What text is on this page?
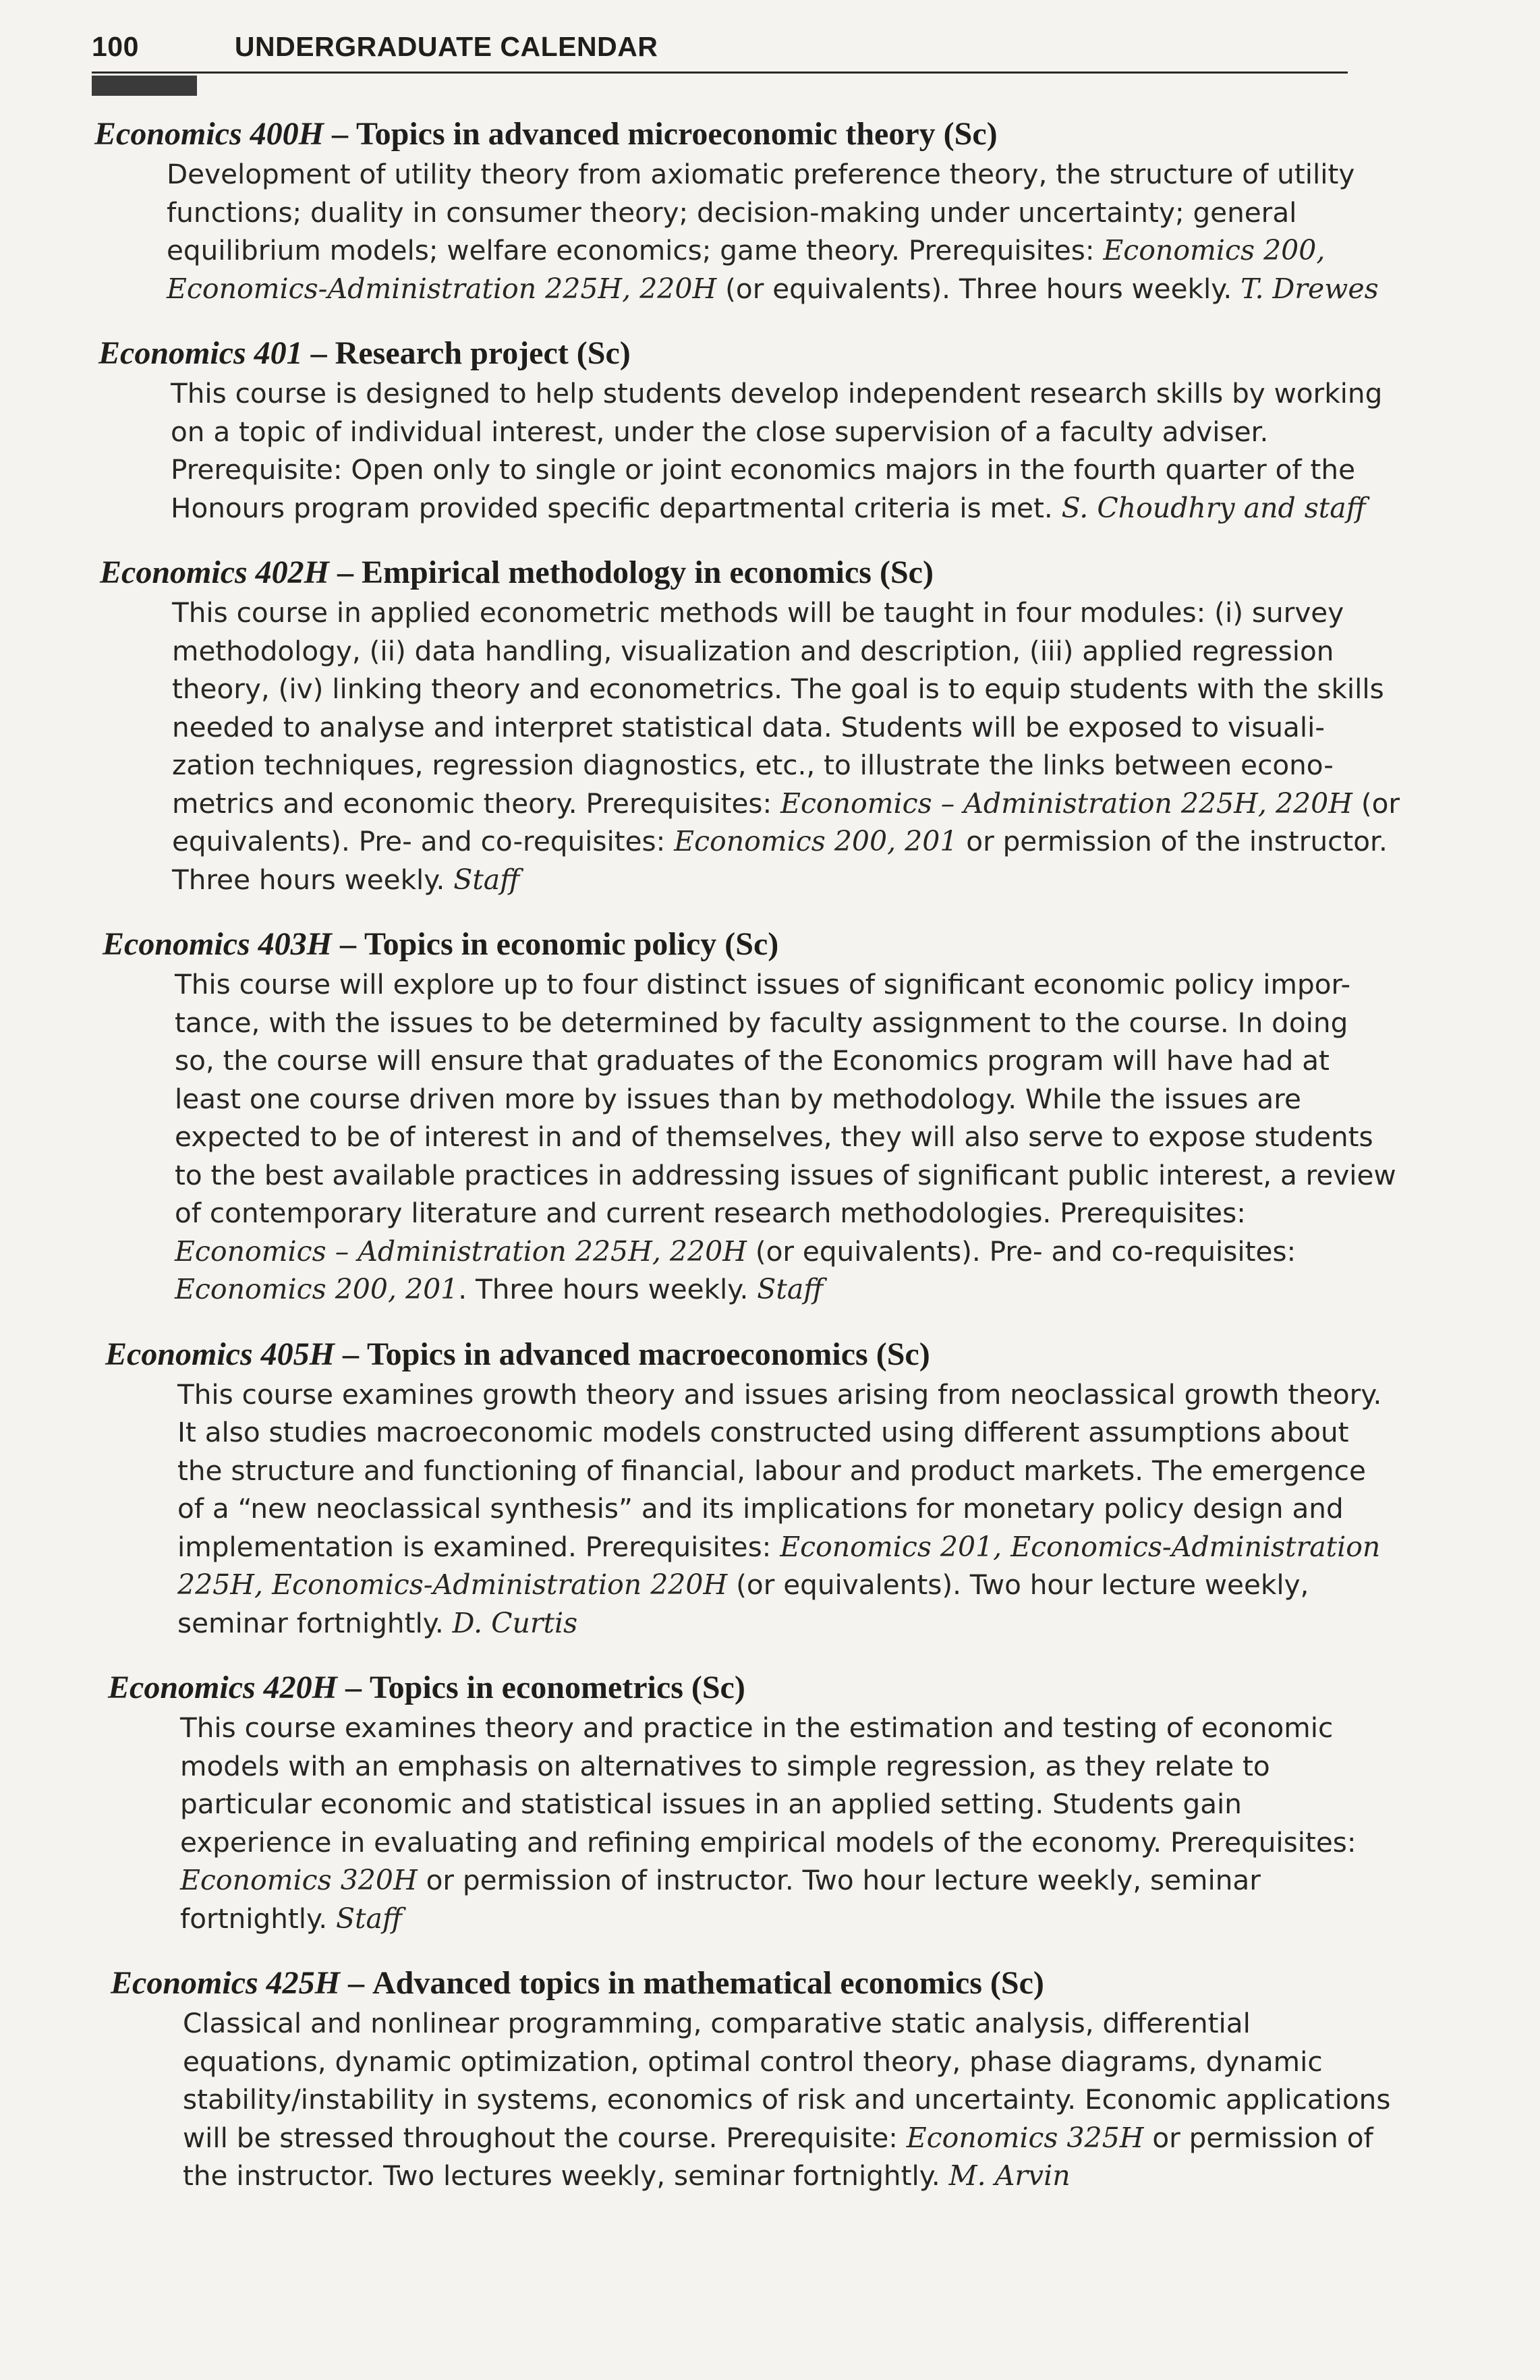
100	UNDERGRADUATE CALENDAR
Economics 400H – Topics in advanced microeconomic theory (Sc)
Development of utility theory from axiomatic preference theory, the structure of utility
functions; duality in consumer theory; decision-making under uncertainty; general
equilibrium models; welfare economics; game theory. Prerequisites: Economics 200,
Economics-Administration 225H, 220H (or equivalents). Three hours weekly. T. Drewes
Economics 401 – Research project (Sc)
This course is designed to help students develop independent research skills by working
on a topic of individual interest, under the close supervision of a faculty adviser.
Prerequisite: Open only to single or joint economics majors in the fourth quarter of the
Honours program provided specific departmental criteria is met. S. Choudhry and staff
Economics 402H – Empirical methodology in economics (Sc)
This course in applied econometric methods will be taught in four modules: (i) survey
methodology, (ii) data handling, visualization and description, (iii) applied regression
theory, (iv) linking theory and econometrics. The goal is to equip students with the skills
needed to analyse and interpret statistical data. Students will be exposed to visuali-
zation techniques, regression diagnostics, etc., to illustrate the links between econo-
metrics and economic theory. Prerequisites: Economics – Administration 225H, 220H (or
equivalents). Pre- and co-requisites: Economics 200, 201 or permission of the instructor.
Three hours weekly. Staff
Economics 403H – Topics in economic policy (Sc)
This course will explore up to four distinct issues of significant economic policy impor-
tance, with the issues to be determined by faculty assignment to the course. In doing
so, the course will ensure that graduates of the Economics program will have had at
least one course driven more by issues than by methodology. While the issues are
expected to be of interest in and of themselves, they will also serve to expose students
to the best available practices in addressing issues of significant public interest, a review
of contemporary literature and current research methodologies. Prerequisites:
Economics – Administration 225H, 220H (or equivalents). Pre- and co-requisites:
Economics 200, 201. Three hours weekly. Staff
Economics 405H – Topics in advanced macroeconomics (Sc)
This course examines growth theory and issues arising from neoclassical growth theory.
It also studies macroeconomic models constructed using different assumptions about
the structure and functioning of financial, labour and product markets. The emergence
of a “new neoclassical synthesis” and its implications for monetary policy design and
implementation is examined. Prerequisites: Economics 201, Economics-Administration
225H, Economics-Administration 220H (or equivalents). Two hour lecture weekly,
seminar fortnightly. D. Curtis
Economics 420H – Topics in econometrics (Sc)
This course examines theory and practice in the estimation and testing of economic
models with an emphasis on alternatives to simple regression, as they relate to
particular economic and statistical issues in an applied setting. Students gain
experience in evaluating and refining empirical models of the economy. Prerequisites:
Economics 320H or permission of instructor. Two hour lecture weekly, seminar
fortnightly. Staff
Economics 425H – Advanced topics in mathematical economics (Sc)
Classical and nonlinear programming, comparative static analysis, differential
equations, dynamic optimization, optimal control theory, phase diagrams, dynamic
stability/instability in systems, economics of risk and uncertainty. Economic applications
will be stressed throughout the course. Prerequisite: Economics 325H or permission of
the instructor. Two lectures weekly, seminar fortnightly. M. Arvin
